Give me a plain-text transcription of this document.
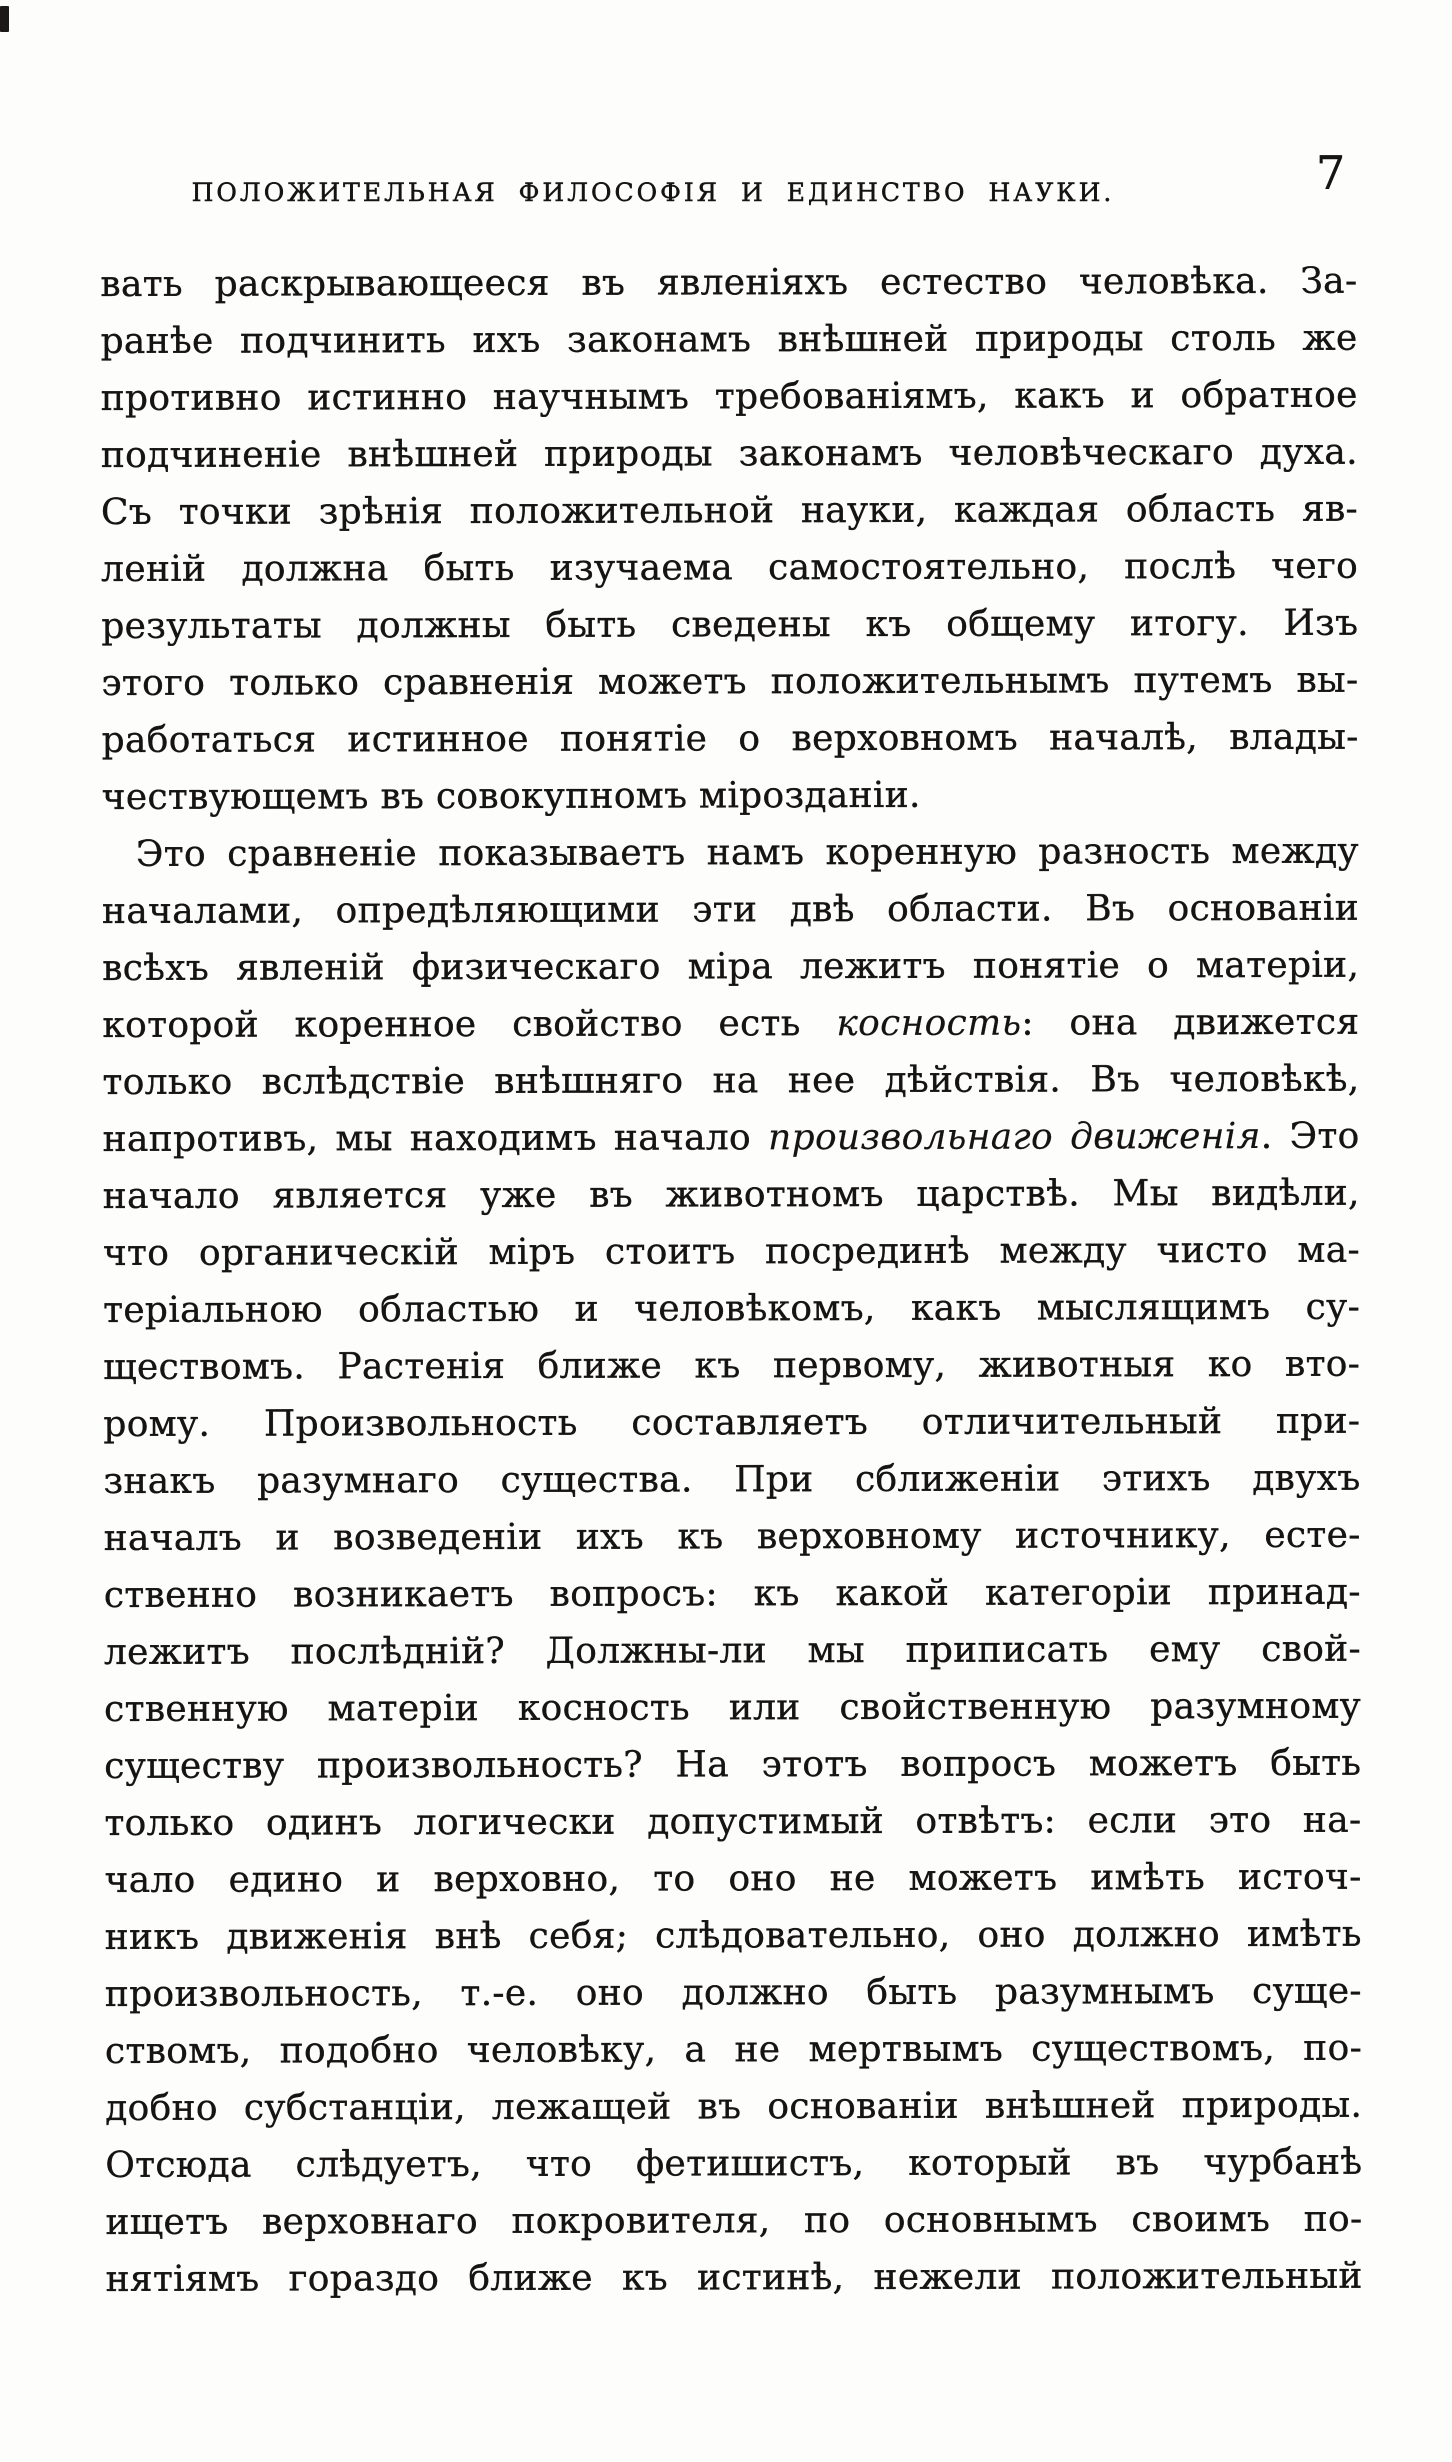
ПОЛОЖИТЕЛЬНАЯ ФИЛОСОФІЯ И ЕДИНСТВО НАУКИ.	7
вать раскрывающееся въ явленіяхъ естество человѣка. За-
ранѣе подчинить ихъ законамъ внѣшней природы столь же
противно истинно научнымъ требованіямъ, какъ и обратное
подчиненіе внѣшней природы законамъ человѣческаго духа.
Съ точки зрѣнія положительной науки, каждая область яв-
леній должна быть изучаема самостоятельно, послѣ чего
результаты должны быть сведены къ общему итогу. Изъ
этого только сравненія можетъ положительнымъ путемъ вы-
работаться истинное понятіе о верховномъ началѣ, влады-
чествующемъ въ совокупномъ мірозданіи.
Это сравненіе показываетъ намъ коренную разность между
началами, опредѣляющими эти двѣ области. Въ основаніи
всѣхъ явленій физическаго міра лежитъ понятіе о матеріи,
которой коренное свойство есть косность: она движется
только вслѣдствіе внѣшняго на нее дѣйствія. Въ человѣкѣ,
напротивъ, мы находимъ начало произвольнаго движенія. Это
начало является уже въ животномъ царствѣ. Мы видѣли,
что органическій міръ стоитъ посрединѣ между чисто ма-
теріальною областью и человѣкомъ, какъ мыслящимъ су-
ществомъ. Растенія ближе къ первому, животныя ко вто-
рому. Произвольность составляетъ отличительный при-
знакъ разумнаго существа. При сближеніи этихъ двухъ
началъ и возведеніи ихъ къ верховному источнику, есте-
ственно возникаетъ вопросъ: къ какой категоріи принад-
лежитъ послѣдній? Должны-ли мы приписать ему свой-
ственную матеріи косность или свойственную разумному
существу произвольность? На этотъ вопросъ можетъ быть
только одинъ логически допустимый отвѣтъ: если это на-
чало едино и верховно, то оно не можетъ имѣть источ-
никъ движенія внѣ себя; слѣдовательно, оно должно имѣть
произвольность, т.-е. оно должно быть разумнымъ суще-
ствомъ, подобно человѣку, а не мертвымъ существомъ, по-
добно субстанціи, лежащей въ основаніи внѣшней природы.
Отсюда слѣдуетъ, что фетишистъ, который въ чурбанѣ
ищетъ верховнаго покровителя, по основнымъ своимъ по-
нятіямъ гораздо ближе къ истинѣ, нежели положительный
